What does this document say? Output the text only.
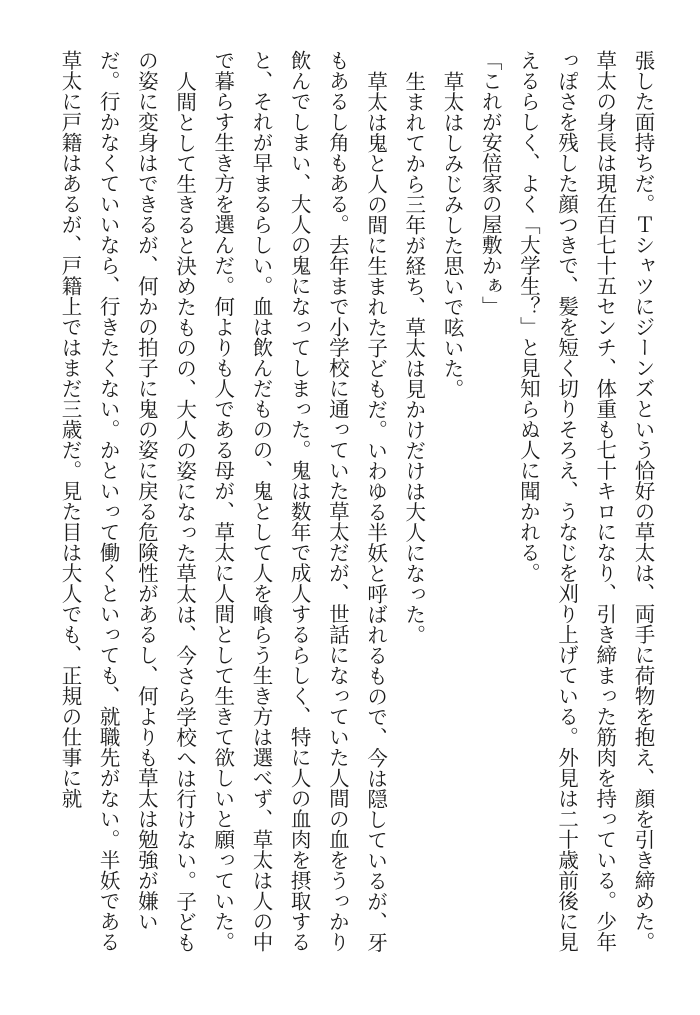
張した面持ちだ。Ｔシャツにジーンズという恰好の草太は、両手に荷物を抱え、顔を引き締めた。草太の身長は現在百七十五センチ、体重も七十キロになり、引き締まった筋肉を持っている。少年っぽさを残した顔つきで、髪を短く切りそろえ、うなじを刈り上げている。外見は二十歳前後に見えるらしく、よく「大学生？」と見知らぬ人に聞かれる。

「これが安倍家の屋敷かぁ」

草太はしみじみした思いで呟いた。

生まれてから三年が経ち、草太は見かけだけは大人になった。

草太は鬼と人の間に生まれた子どもだ。いわゆる半妖と呼ばれるもので、今は隠しているが、牙もあるし角もある。去年まで小学校に通っていた草太だが、世話になっていた人間の血をうっかり飲んでしまい、大人の鬼になってしまった。鬼は数年で成人するらしく、特に人の血肉を摂取すると、それが早まるらしい。血は飲んだものの、鬼として人を喰らう生き方は選べず、草太は人の中で暮らす生き方を選んだ。何よりも人である母が、草太に人間として生きて欲しいと願っていた。

人間として生きると決めたものの、大人の姿になった草太は、今さら学校へは行けない。子どもの姿に変身はできるが、何かの拍子に鬼の姿に戻る危険性があるし、何よりも草太は勉強が嫌いだ。行かなくていいなら、行きたくない。かといって働くといっても、就職先がない。半妖である草太に戸籍はあるが、戸籍上ではまだ三歳だ。見た目は大人でも、正規の仕事に就
